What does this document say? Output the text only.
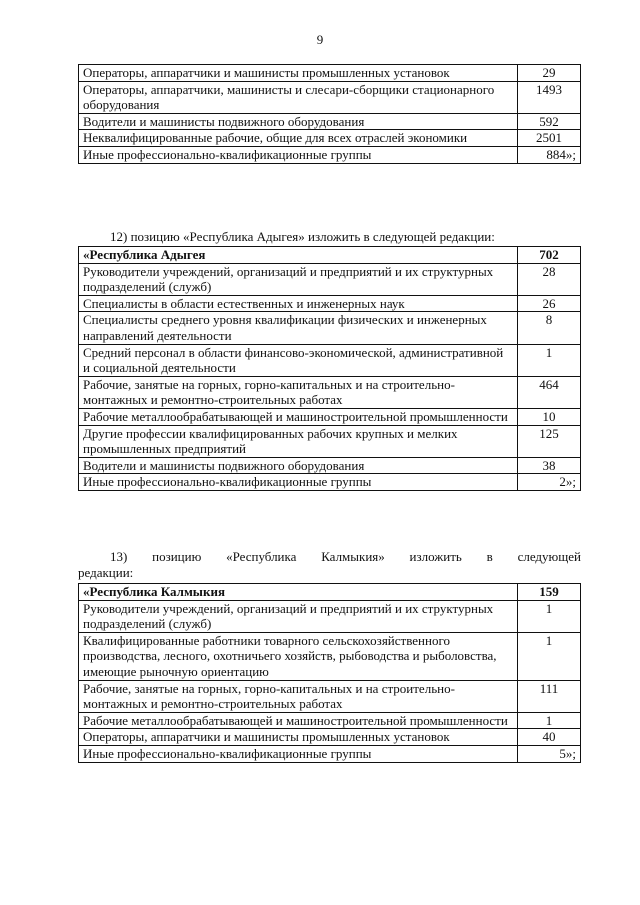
9
Операторы, аппаратчики и машинисты промышленных установок	29
Операторы, аппаратчики, машинисты и слесари-сборщики стационарного оборудования	1493
Водители и машинисты подвижного оборудования	592
Неквалифицированные рабочие, общие для всех отраслей экономики	2501
Иные профессионально-квалификационные группы	884»;
12) позицию «Республика Адыгея» изложить в следующей редакции:
«Республика Адыгея	702
Руководители учреждений, организаций и предприятий и их структурных подразделений (служб)	28
Специалисты в области естественных и инженерных наук	26
Специалисты среднего уровня квалификации физических и инженерных направлений деятельности	8
Средний персонал в области финансово-экономической, административной и социальной деятельности	1
Рабочие, занятые на горных, горно-капитальных и на строительно-монтажных и ремонтно-строительных работах	464
Рабочие металлообрабатывающей и машиностроительной промышленности	10
Другие профессии квалифицированных рабочих крупных и мелких промышленных предприятий	125
Водители и машинисты подвижного оборудования	38
Иные профессионально-квалификационные группы	2»;
13) позицию «Республика Калмыкия» изложить в следующей
редакции:
«Республика Калмыкия	159
Руководители учреждений, организаций и предприятий и их структурных подразделений (служб)	1
Квалифицированные работники товарного сельскохозяйственного производства, лесного, охотничьего хозяйств, рыбоводства и рыболовства, имеющие рыночную ориентацию	1
Рабочие, занятые на горных, горно-капитальных и на строительно-монтажных и ремонтно-строительных работах	111
Рабочие металлообрабатывающей и машиностроительной промышленности	1
Операторы, аппаратчики и машинисты промышленных установок	40
Иные профессионально-квалификационные группы	5»;
